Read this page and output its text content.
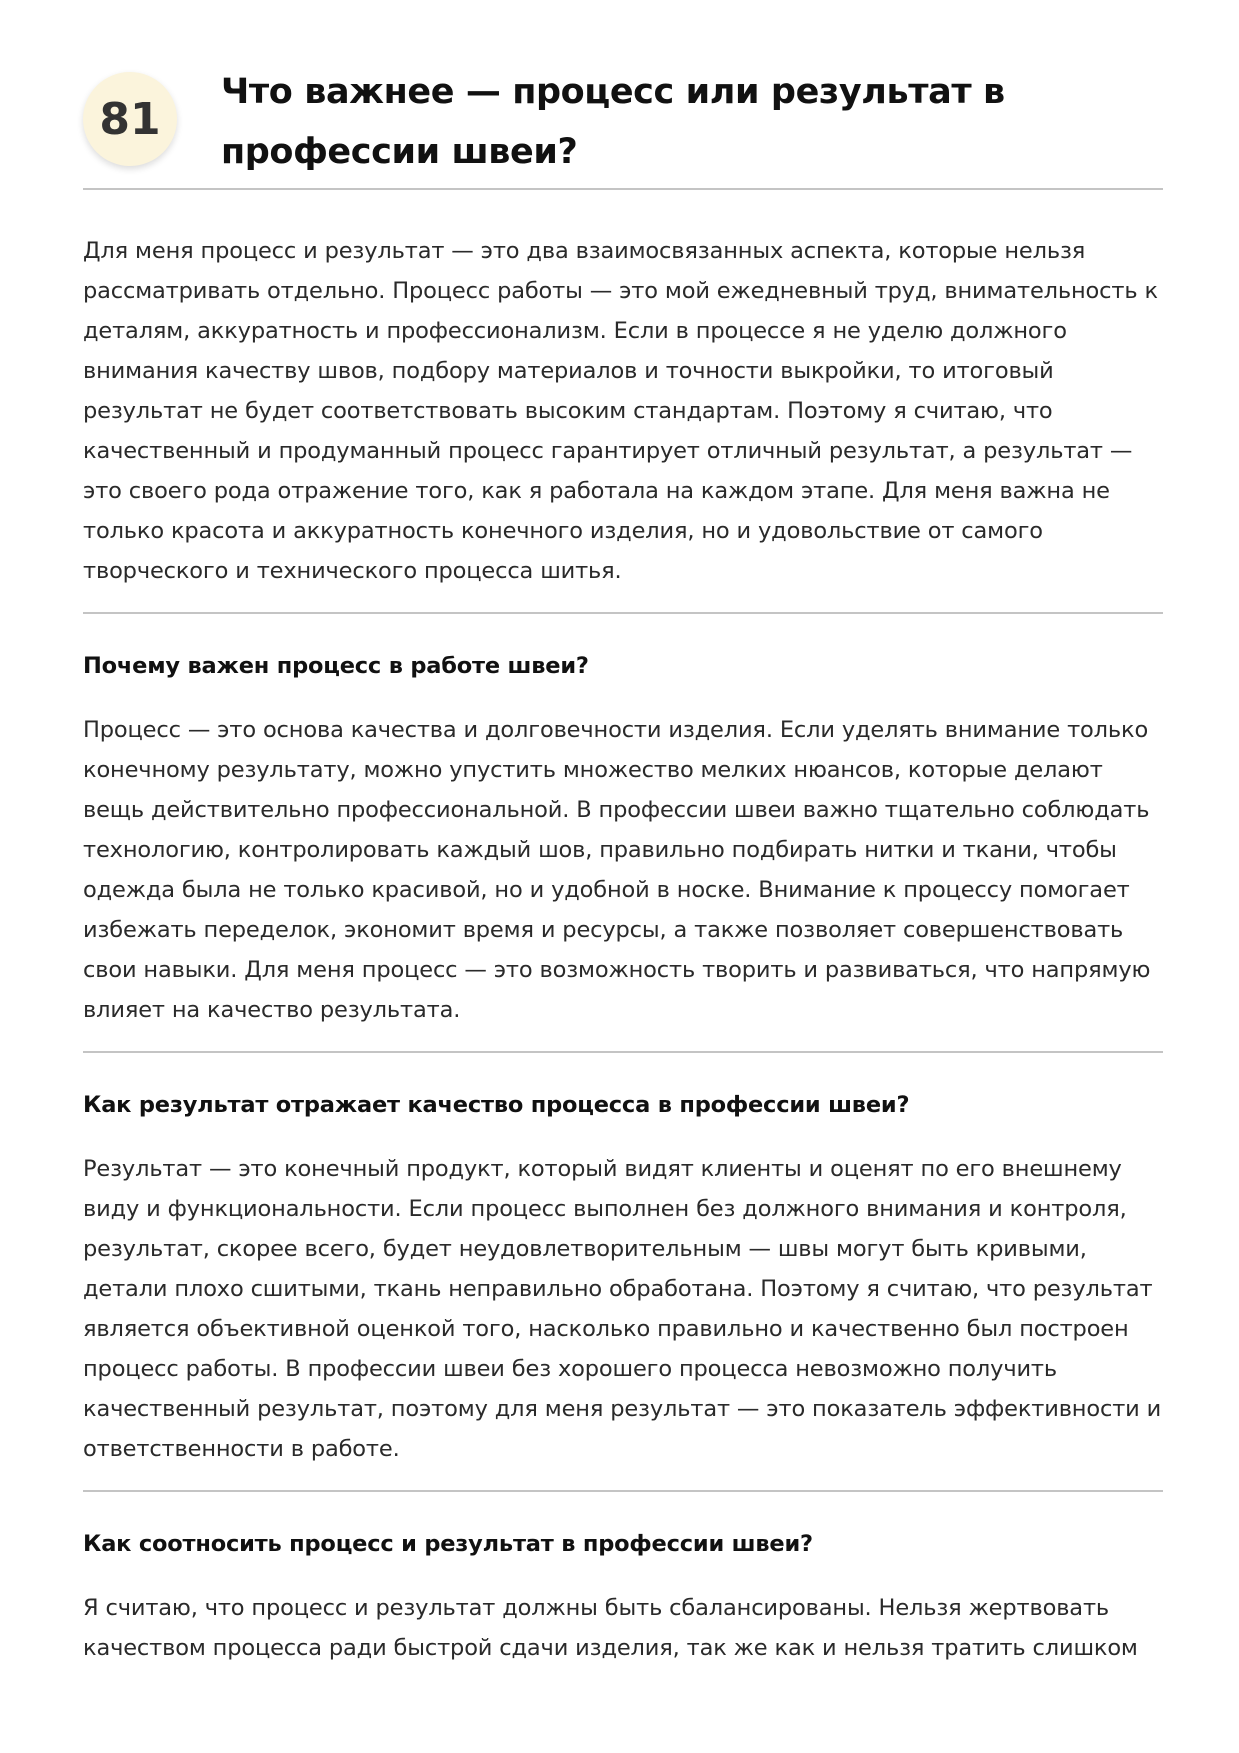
81
Что важнее — процесс или результат в профессии швеи?

Для меня процесс и результат — это два взаимосвязанных аспекта, которые нельзя рассматривать отдельно. Процесс работы — это мой ежедневный труд, внимательность к деталям, аккуратность и профессионализм. Если в процессе я не уделю должного внимания качеству швов, подбору материалов и точности выкройки, то итоговый результат не будет соответствовать высоким стандартам. Поэтому я считаю, что качественный и продуманный процесс гарантирует отличный результат, а результат — это своего рода отражение того, как я работала на каждом этапе. Для меня важна не только красота и аккуратность конечного изделия, но и удовольствие от самого творческого и технического процесса шитья.

Почему важен процесс в работе швеи?

Процесс — это основа качества и долговечности изделия. Если уделять внимание только конечному результату, можно упустить множество мелких нюансов, которые делают вещь действительно профессиональной. В профессии швеи важно тщательно соблюдать технологию, контролировать каждый шов, правильно подбирать нитки и ткани, чтобы одежда была не только красивой, но и удобной в носке. Внимание к процессу помогает избежать переделок, экономит время и ресурсы, а также позволяет совершенствовать свои навыки. Для меня процесс — это возможность творить и развиваться, что напрямую влияет на качество результата.

Как результат отражает качество процесса в профессии швеи?

Результат — это конечный продукт, который видят клиенты и оценят по его внешнему виду и функциональности. Если процесс выполнен без должного внимания и контроля, результат, скорее всего, будет неудовлетворительным — швы могут быть кривыми, детали плохо сшитыми, ткань неправильно обработана. Поэтому я считаю, что результат является объективной оценкой того, насколько правильно и качественно был построен процесс работы. В профессии швеи без хорошего процесса невозможно получить качественный результат, поэтому для меня результат — это показатель эффективности и ответственности в работе.

Как соотносить процесс и результат в профессии швеи?

Я считаю, что процесс и результат должны быть сбалансированы. Нельзя жертвовать качеством процесса ради быстрой сдачи изделия, так же как и нельзя тратить слишком
